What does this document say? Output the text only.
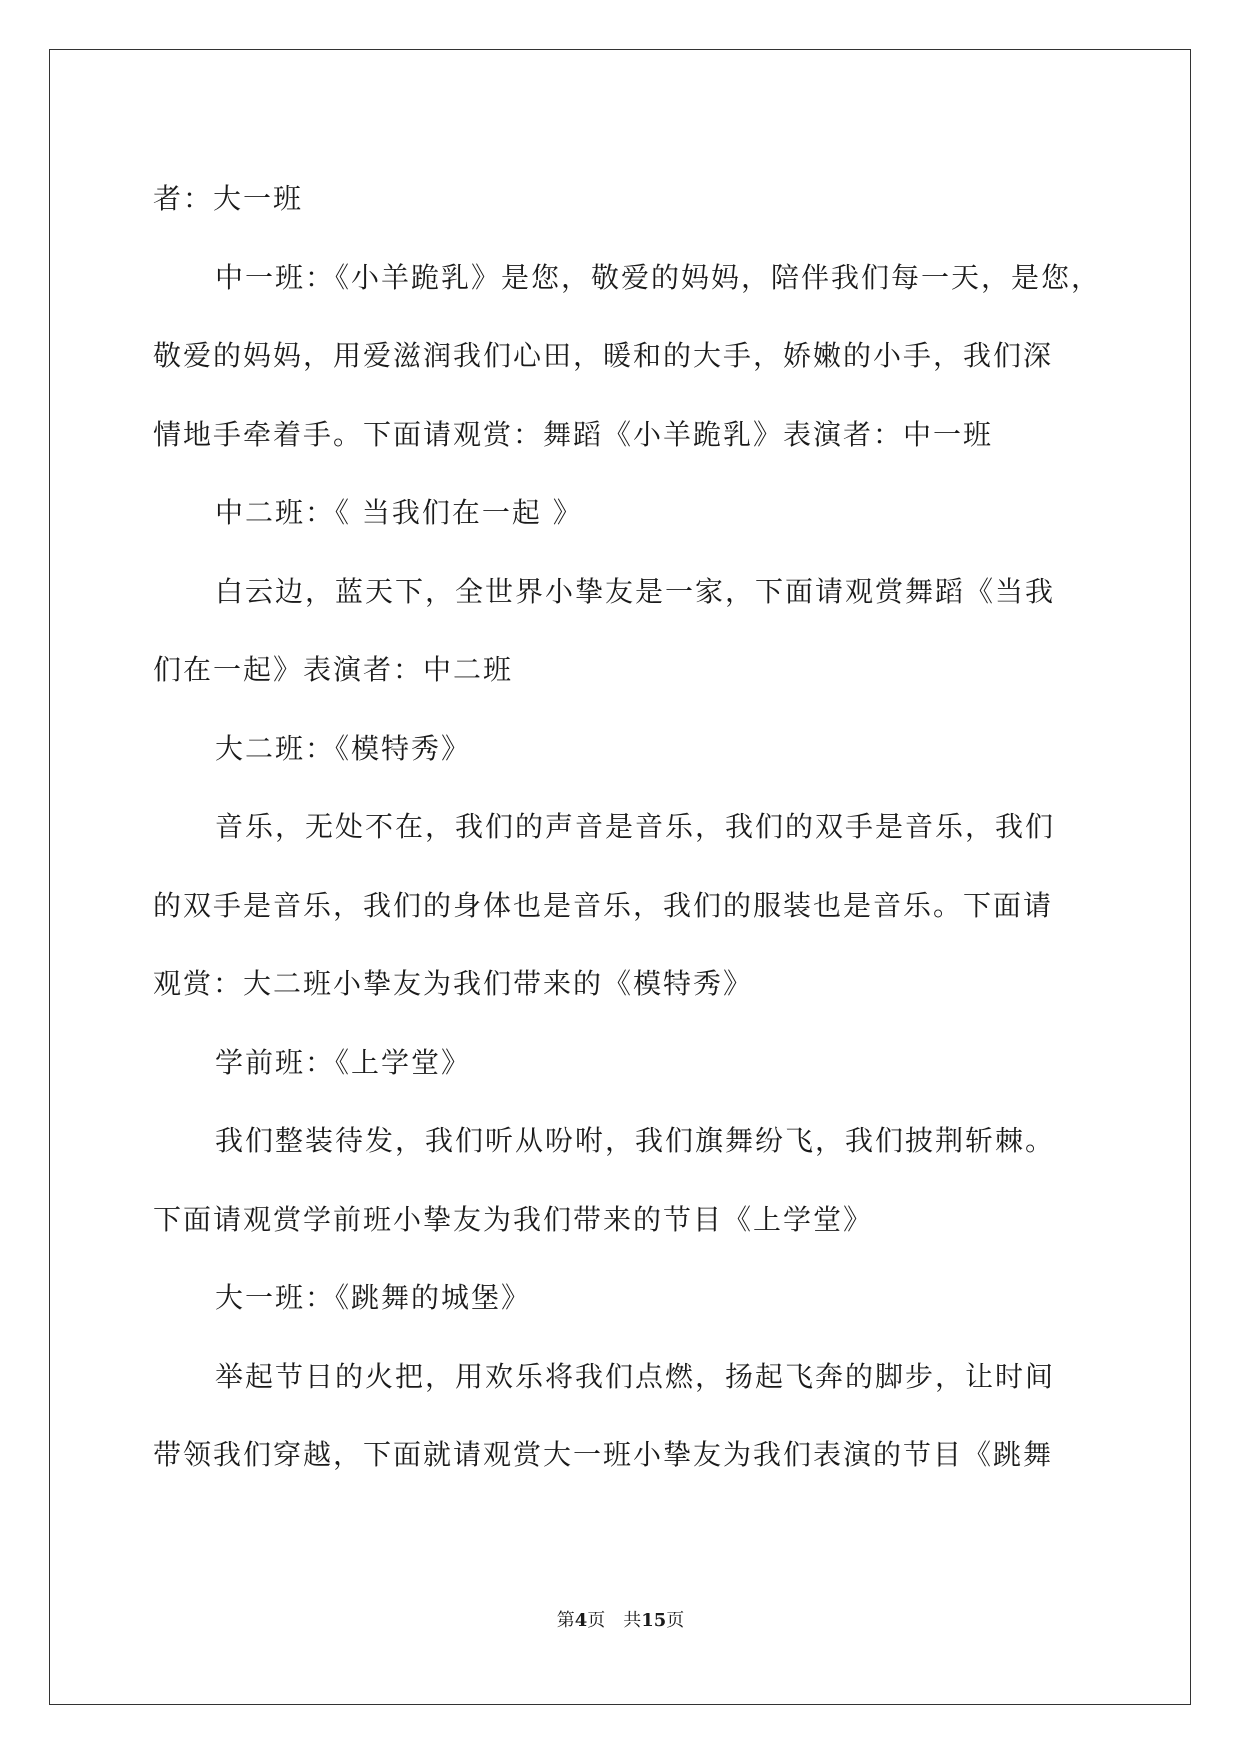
者：大一班
中一班：《小羊跪乳》是您，敬爱的妈妈，陪伴我们每一天，是您，
敬爱的妈妈，用爱滋润我们心田，暖和的大手，娇嫩的小手，我们深
情地手牵着手。下面请观赏：舞蹈《小羊跪乳》表演者：中一班
中二班：《 当我们在一起 》
白云边，蓝天下，全世界小挚友是一家，下面请观赏舞蹈《当我
们在一起》表演者：中二班
大二班：《模特秀》
音乐，无处不在，我们的声音是音乐，我们的双手是音乐，我们
的双手是音乐，我们的身体也是音乐，我们的服装也是音乐。下面请
观赏：大二班小挚友为我们带来的《模特秀》
学前班：《上学堂》
我们整装待发，我们听从吩咐，我们旗舞纷飞，我们披荆斩棘。
下面请观赏学前班小挚友为我们带来的节目《上学堂》
大一班：《跳舞的城堡》
举起节日的火把，用欢乐将我们点燃，扬起飞奔的脚步，让时间
带领我们穿越，下面就请观赏大一班小挚友为我们表演的节目《跳舞
第4页 共15页
